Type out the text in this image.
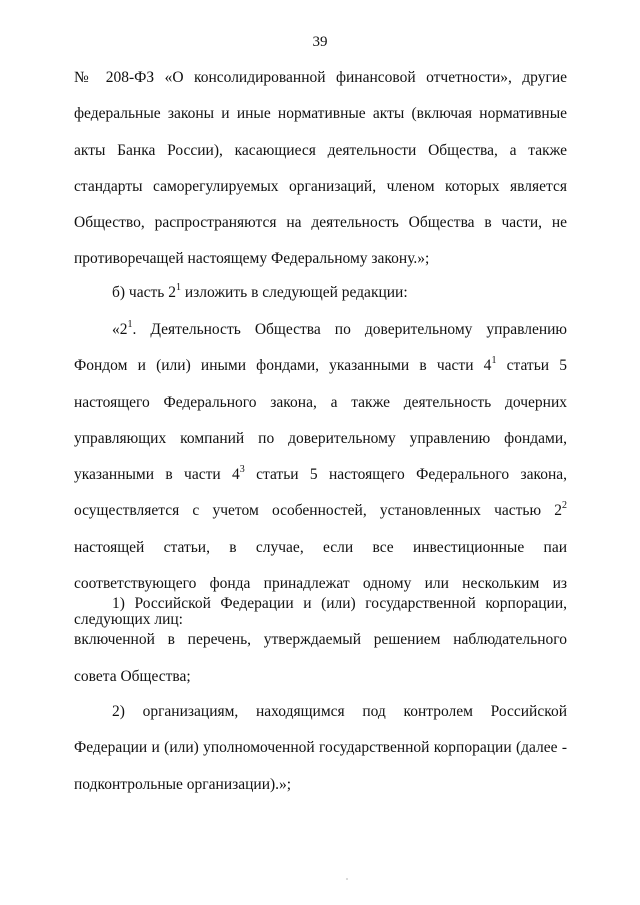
39

№ 208-ФЗ «О консолидированной финансовой отчетности», другие федеральные законы и иные нормативные акты (включая нормативные акты Банка России), касающиеся деятельности Общества, а также стандарты саморегулируемых организаций, членом которых является Общество, распространяются на деятельность Общества в части, не противоречащей настоящему Федеральному закону.»;

б) часть $2^1$ изложить в следующей редакции:

«$2^1$. Деятельность Общества по доверительному управлению Фондом и (или) иными фондами, указанными в части $4^1$ статьи 5 настоящего Федерального закона, а также деятельность дочерних управляющих компаний по доверительному управлению фондами, указанными в части $4^3$ статьи 5 настоящего Федерального закона, осуществляется с учетом особенностей, установленных частью $2^2$ настоящей статьи, в случае, если все инвестиционные паи соответствующего фонда принадлежат одному или нескольким из следующих лиц:

1) Российской Федерации и (или) государственной корпорации, включенной в перечень, утверждаемый решением наблюдательного совета Общества;

2) организациям, находящимся под контролем Российской Федерации и (или) уполномоченной государственной корпорации (далее - подконтрольные организации).»;
